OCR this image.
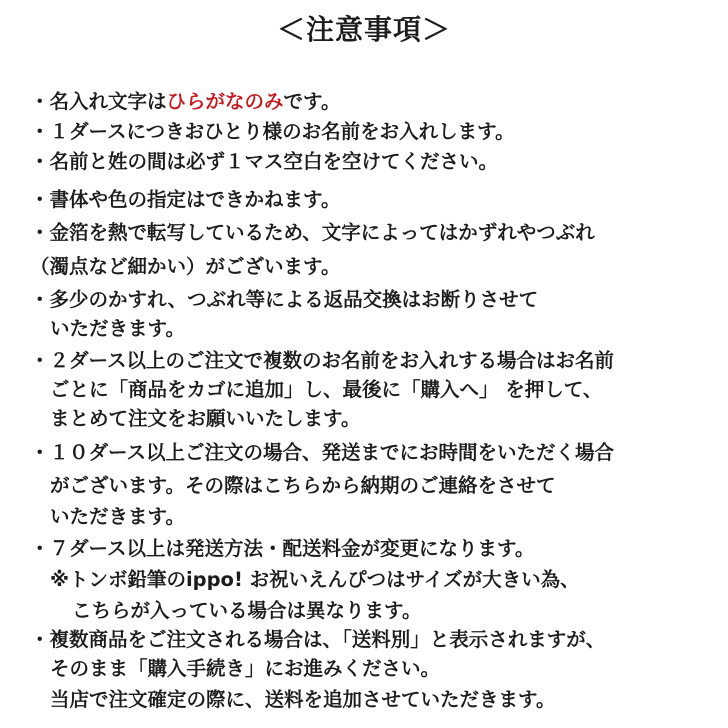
＜注意事項＞
・名入れ文字はひらがなのみです。
・１ダースにつきおひとり様のお名前をお入れします。
・名前と姓の間は必ず１マス空白を空けてください。
・書体や色の指定はできかねます。
・金箔を熱で転写しているため、文字によってはかずれやつぶれ
（濁点など細かい）がございます。
・多少のかすれ、つぶれ等による返品交換はお断りさせて
いただきます。
・２ダース以上のご注文で複数のお名前をお入れする場合はお名前
ごとに「商品をカゴに追加」し、最後に「購入へ」 を押して、
まとめて注文をお願いいたします。
・１０ダース以上ご注文の場合、発送までにお時間をいただく場合
がございます。その際はこちらから納期のご連絡をさせて
いただきます。
・７ダース以上は発送方法・配送料金が変更になります。
※トンボ鉛筆のippo! お祝いえんぴつはサイズが大きい為、
こちらが入っている場合は異なります。
・複数商品をご注文される場合は、「送料別」と表示されますが、
そのまま「購入手続き」にお進みください。
当店で注文確定の際に、送料を追加させていただきます。
